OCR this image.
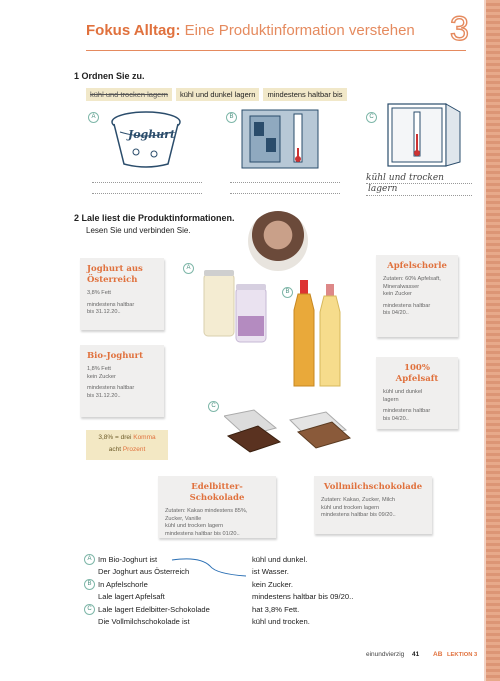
Fokus Alltag: Eine Produktinformation verstehen 3
1 Ordnen Sie zu.
kühl und trocken lagern	kühl und dunkel lagern	mindestens haltbar bis
A	B	C
Joghurt
kühl und trocken
lagern
2 Lale liest die Produktinformationen.
Lesen Sie und verbinden Sie.
A
B
C
Joghurt aus Österreich
3,8% Fett
mindestens haltbar
bis 31.12.20..
Bio-Joghurt
1,8% Fett
kein Zucker
mindestens haltbar
bis 31.12.20..
3,8% = drei Komma
acht Prozent
Apfelschorle
Zutaten: 60% Apfelsaft,
Mineralwasser
kein Zucker
mindestens haltbar
bis 04/20..
100% Apfelsaft
kühl und dunkel
lagern
mindestens haltbar
bis 04/20..
Edelbitter-Schokolade
Zutaten: Kakao mindestens 85%,
Zucker, Vanille
kühl und trocken lagern
mindestens haltbar bis 01/20..
Vollmilchschokolade
Zutaten: Kakao, Zucker, Milch
kühl und trocken lagern
mindestens haltbar bis 09/20..
A
B
C
Im Bio-Joghurt ist
Der Joghurt aus Österreich
In Apfelschorle
Lale lagert Apfelsaft
Lale lagert Edelbitter-Schokolade
Die Vollmilchschokolade ist
kühl und dunkel.
ist Wasser.
kein Zucker.
mindestens haltbar bis 09/20..
hat 3,8% Fett.
kühl und trocken.
einundvierzig 41 AB LEKTION 3
